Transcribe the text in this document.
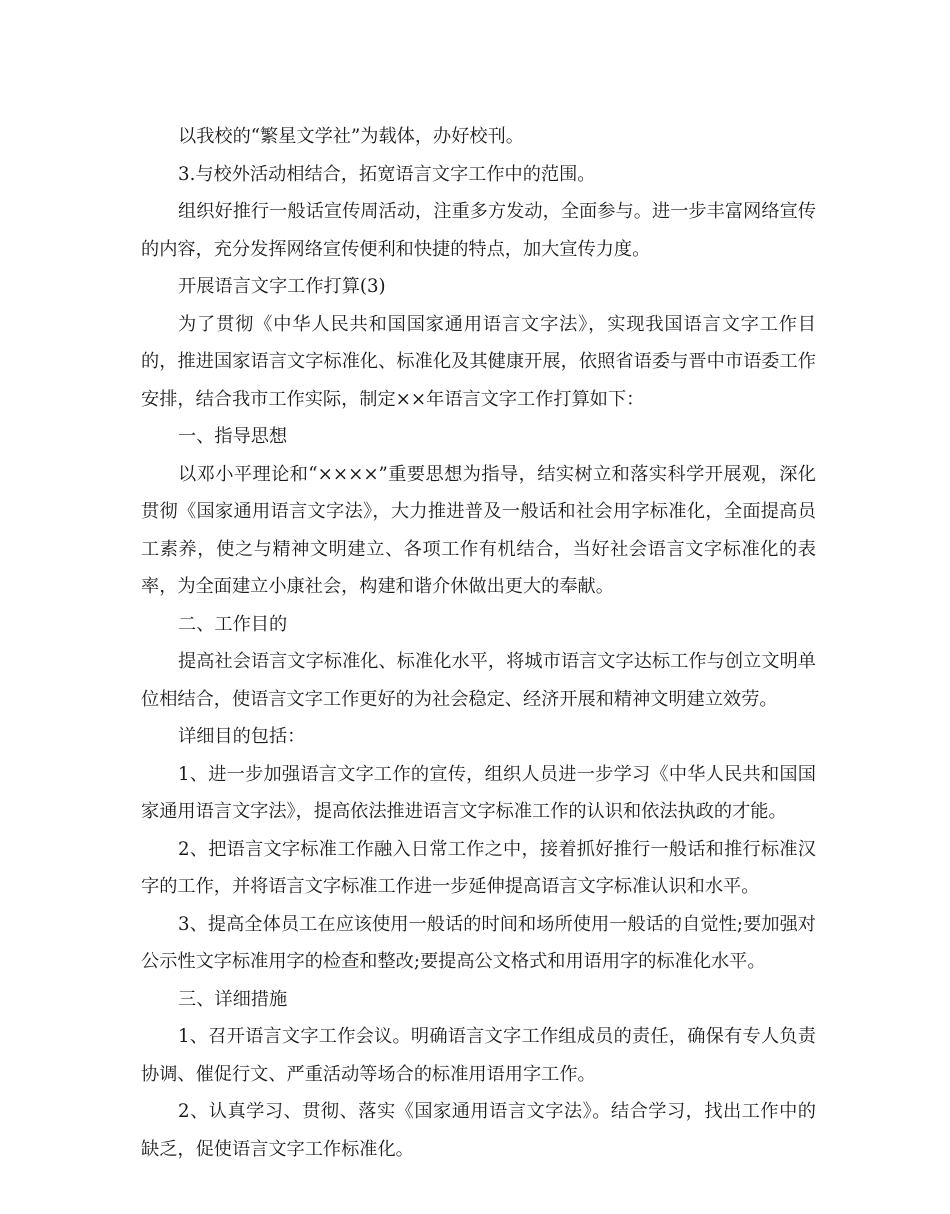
以我校的“繁星文学社”为载体，办好校刊。

3.与校外活动相结合，拓宽语言文字工作中的范围。

组织好推行一般话宣传周活动，注重多方发动，全面参与。进一步丰富网络宣传的内容，充分发挥网络宣传便利和快捷的特点，加大宣传力度。

开展语言文字工作打算(3)

为了贯彻《中华人民共和国国家通用语言文字法》，实现我国语言文字工作目的，推进国家语言文字标准化、标准化及其健康开展，依照省语委与晋中市语委工作安排，结合我市工作实际，制定××年语言文字工作打算如下：

一、指导思想

以邓小平理论和“××××”重要思想为指导，结实树立和落实科学开展观，深化贯彻《国家通用语言文字法》，大力推进普及一般话和社会用字标准化，全面提高员工素养，使之与精神文明建立、各项工作有机结合，当好社会语言文字标准化的表率，为全面建立小康社会，构建和谐介休做出更大的奉献。

二、工作目的

提高社会语言文字标准化、标准化水平，将城市语言文字达标工作与创立文明单位相结合，使语言文字工作更好的为社会稳定、经济开展和精神文明建立效劳。

详细目的包括：

1、进一步加强语言文字工作的宣传，组织人员进一步学习《中华人民共和国国家通用语言文字法》，提高依法推进语言文字标准工作的认识和依法执政的才能。

2、把语言文字标准工作融入日常工作之中，接着抓好推行一般话和推行标准汉字的工作，并将语言文字标准工作进一步延伸提高语言文字标准认识和水平。

3、提高全体员工在应该使用一般话的时间和场所使用一般话的自觉性;要加强对公示性文字标准用字的检查和整改;要提高公文格式和用语用字的标准化水平。

三、详细措施

1、召开语言文字工作会议。明确语言文字工作组成员的责任，确保有专人负责协调、催促行文、严重活动等场合的标准用语用字工作。

2、认真学习、贯彻、落实《国家通用语言文字法》。结合学习，找出工作中的缺乏，促使语言文字工作标准化。
